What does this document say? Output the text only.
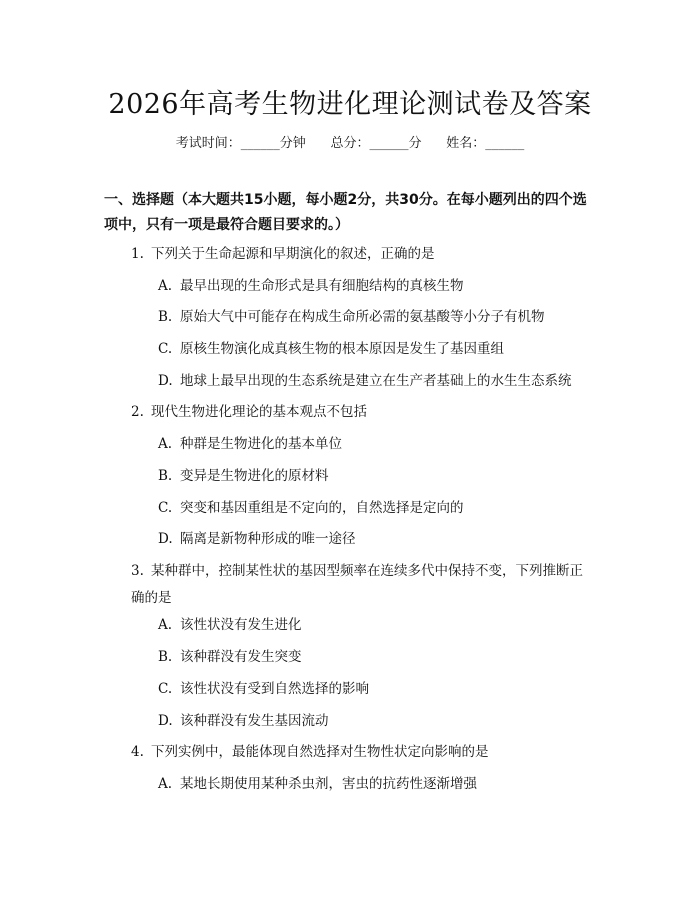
2026年高考生物进化理论测试卷及答案
考试时间：______分钟      总分：______分      姓名：______
一、选择题（本大题共15小题，每小题2分，共30分。在每小题列出的四个选项中，只有一项是最符合题目要求的。）
1. 下列关于生命起源和早期演化的叙述，正确的是
A. 最早出现的生命形式是具有细胞结构的真核生物
B. 原始大气中可能存在构成生命所必需的氨基酸等小分子有机物
C. 原核生物演化成真核生物的根本原因是发生了基因重组
D. 地球上最早出现的生态系统是建立在生产者基础上的水生生态系统
2. 现代生物进化理论的基本观点不包括
A. 种群是生物进化的基本单位
B. 变异是生物进化的原材料
C. 突变和基因重组是不定向的，自然选择是定向的
D. 隔离是新物种形成的唯一途径
3. 某种群中，控制某性状的基因型频率在连续多代中保持不变，下列推断正确的是
A. 该性状没有发生进化
B. 该种群没有发生突变
C. 该性状没有受到自然选择的影响
D. 该种群没有发生基因流动
4. 下列实例中，最能体现自然选择对生物性状定向影响的是
A. 某地长期使用某种杀虫剂，害虫的抗药性逐渐增强
